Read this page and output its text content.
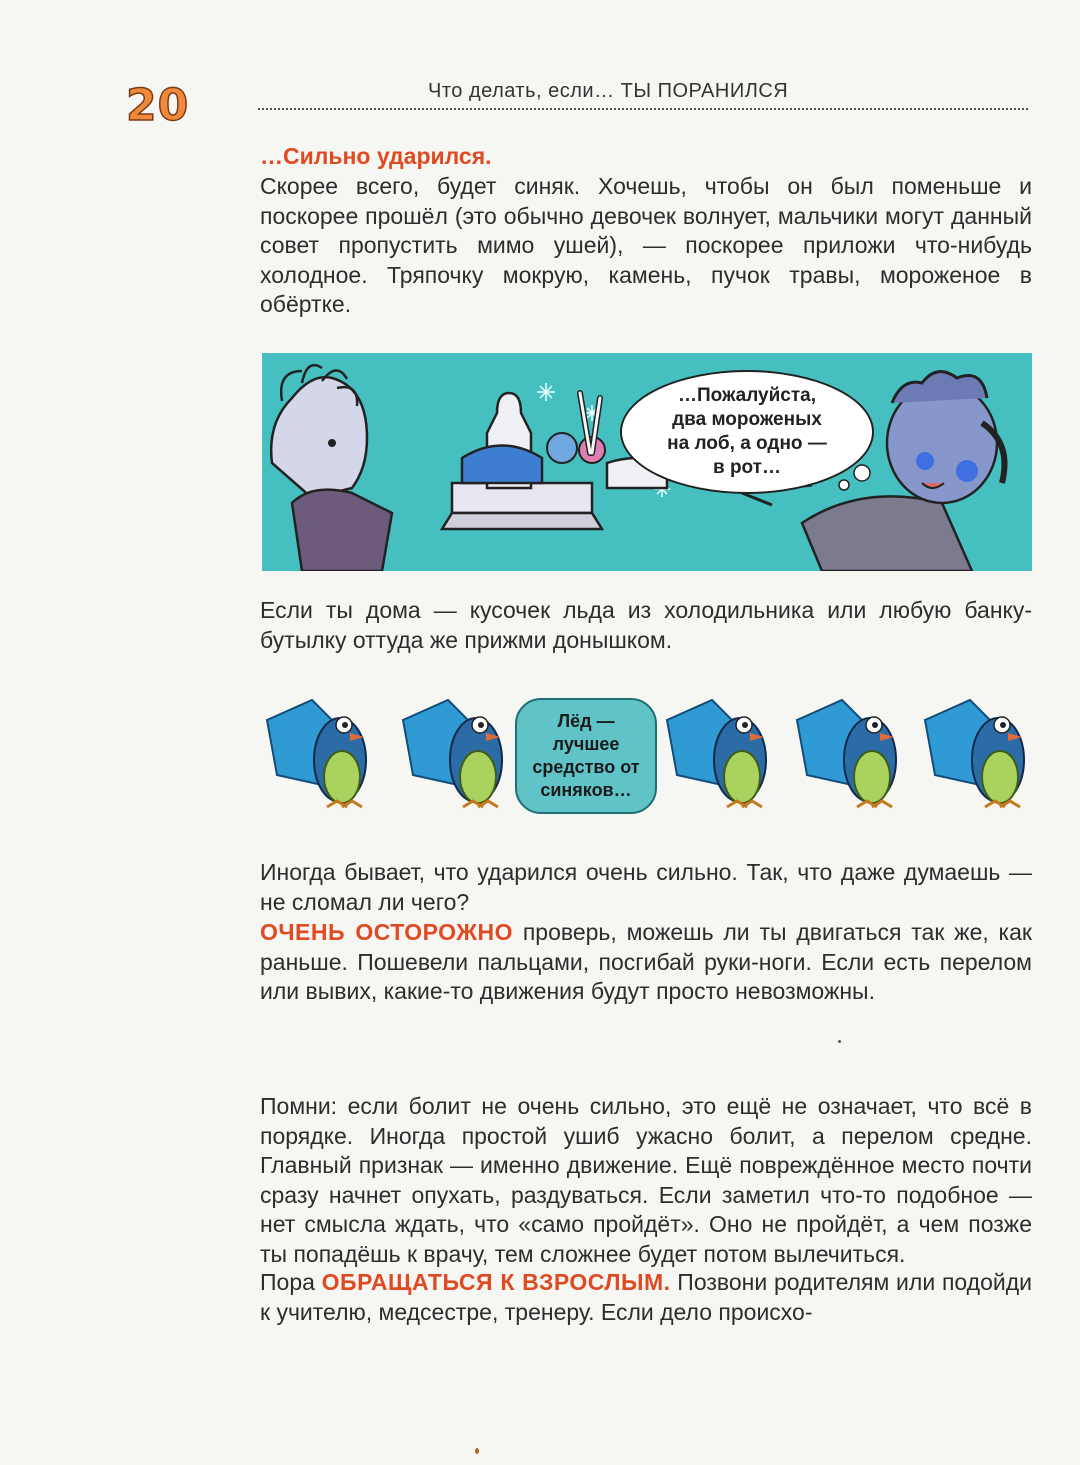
20	Что делать, если… ТЫ ПОРАНИЛСЯ
…Сильно ударился.

Скорее всего, будет синяк. Хочешь, чтобы он был поменьше и поскорее прошёл (это обычно девочек волнует, мальчики могут данный совет пропустить мимо ушей), — поскорее приложи что-нибудь холодное. Тряпочку мокрую, камень, пучок травы, мороженое в обёртке.

…Пожалуйста,
два мороженых
на лоб, а одно —
в рот…

Если ты дома — кусочек льда из холодильника или любую банку-бутылку оттуда же прижми донышком.

Лёд —
лучшее
средство от
синяков…

Иногда бывает, что ударился очень сильно. Так, что даже думаешь — не сломал ли чего?

ОЧЕНЬ ОСТОРОЖНО проверь, можешь ли ты двигаться так же, как раньше. Пошевели пальцами, посгибай руки-ноги. Если есть перелом или вывих, какие-то движения будут просто невозможны.

Помни: если болит не очень сильно, это ещё не означает, что всё в порядке. Иногда простой ушиб ужасно болит, а перелом средне. Главный признак — именно движение. Ещё повреждённое место почти сразу начнет опухать, раздуваться. Если заметил что-то подобное — нет смысла ждать, что «само пройдёт». Оно не пройдёт, а чем позже ты попадёшь к врачу, тем сложнее будет потом вылечиться.

Пора ОБРАЩАТЬСЯ К ВЗРОСЛЫМ. Позвони родителям или подойди к учителю, медсестре, тренеру. Если дело происхо-
